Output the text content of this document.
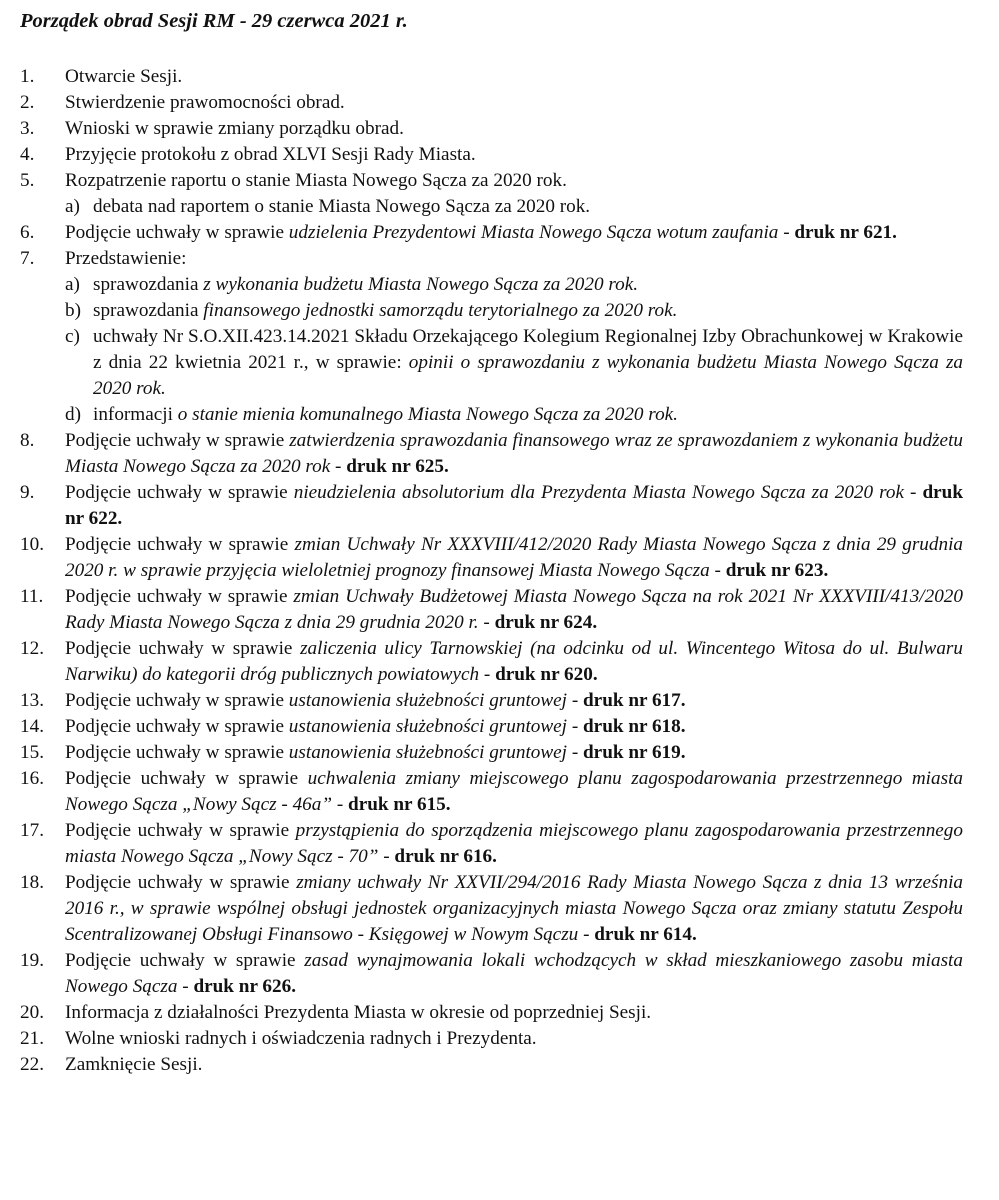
Porządek obrad Sesji RM - 29 czerwca 2021 r.
1. Otwarcie Sesji.
2. Stwierdzenie prawomocności obrad.
3. Wnioski w sprawie zmiany porządku obrad.
4. Przyjęcie protokołu z obrad XLVI Sesji Rady Miasta.
5. Rozpatrzenie raportu o stanie Miasta Nowego Sącza za 2020 rok.
a) debata nad raportem o stanie Miasta Nowego Sącza za 2020 rok.
6. Podjęcie uchwały w sprawie udzielenia Prezydentowi Miasta Nowego Sącza wotum zaufania - druk nr 621.
7. Przedstawienie:
a) sprawozdania z wykonania budżetu Miasta Nowego Sącza za 2020 rok.
b) sprawozdania finansowego jednostki samorządu terytorialnego za 2020 rok.
c) uchwały Nr S.O.XII.423.14.2021 Składu Orzekającego Kolegium Regionalnej Izby Obrachunkowej w Krakowie z dnia 22 kwietnia 2021 r., w sprawie: opinii o sprawozdaniu z wykonania budżetu Miasta Nowego Sącza za 2020 rok.
d) informacji o stanie mienia komunalnego Miasta Nowego Sącza za 2020 rok.
8. Podjęcie uchwały w sprawie zatwierdzenia sprawozdania finansowego wraz ze sprawozdaniem z wykonania budżetu Miasta Nowego Sącza za 2020 rok - druk nr 625.
9. Podjęcie uchwały w sprawie nieudzielenia absolutorium dla Prezydenta Miasta Nowego Sącza za 2020 rok - druk nr 622.
10. Podjęcie uchwały w sprawie zmian Uchwały Nr XXXVIII/412/2020 Rady Miasta Nowego Sącza z dnia 29 grudnia 2020 r. w sprawie przyjęcia wieloletniej prognozy finansowej Miasta Nowego Sącza - druk nr 623.
11. Podjęcie uchwały w sprawie zmian Uchwały Budżetowej Miasta Nowego Sącza na rok 2021 Nr XXXVIII/413/2020 Rady Miasta Nowego Sącza z dnia 29 grudnia 2020 r. - druk nr 624.
12. Podjęcie uchwały w sprawie zaliczenia ulicy Tarnowskiej (na odcinku od ul. Wincentego Witosa do ul. Bulwaru Narwiku) do kategorii dróg publicznych powiatowych - druk nr 620.
13. Podjęcie uchwały w sprawie ustanowienia służebności gruntowej - druk nr 617.
14. Podjęcie uchwały w sprawie ustanowienia służebności gruntowej - druk nr 618.
15. Podjęcie uchwały w sprawie ustanowienia służebności gruntowej - druk nr 619.
16. Podjęcie uchwały w sprawie uchwalenia zmiany miejscowego planu zagospodarowania przestrzennego miasta Nowego Sącza „Nowy Sącz - 46a” - druk nr 615.
17. Podjęcie uchwały w sprawie przystąpienia do sporządzenia miejscowego planu zagospodarowania przestrzennego miasta Nowego Sącza „Nowy Sącz - 70” - druk nr 616.
18. Podjęcie uchwały w sprawie zmiany uchwały Nr XXVII/294/2016 Rady Miasta Nowego Sącza z dnia 13 września 2016 r., w sprawie wspólnej obsługi jednostek organizacyjnych miasta Nowego Sącza oraz zmiany statutu Zespołu Scentralizowanej Obsługi Finansowo - Księgowej w Nowym Sączu - druk nr 614.
19. Podjęcie uchwały w sprawie zasad wynajmowania lokali wchodzących w skład mieszkaniowego zasobu miasta Nowego Sącza - druk nr 626.
20. Informacja z działalności Prezydenta Miasta w okresie od poprzedniej Sesji.
21. Wolne wnioski radnych i oświadczenia radnych i Prezydenta.
22. Zamknięcie Sesji.
